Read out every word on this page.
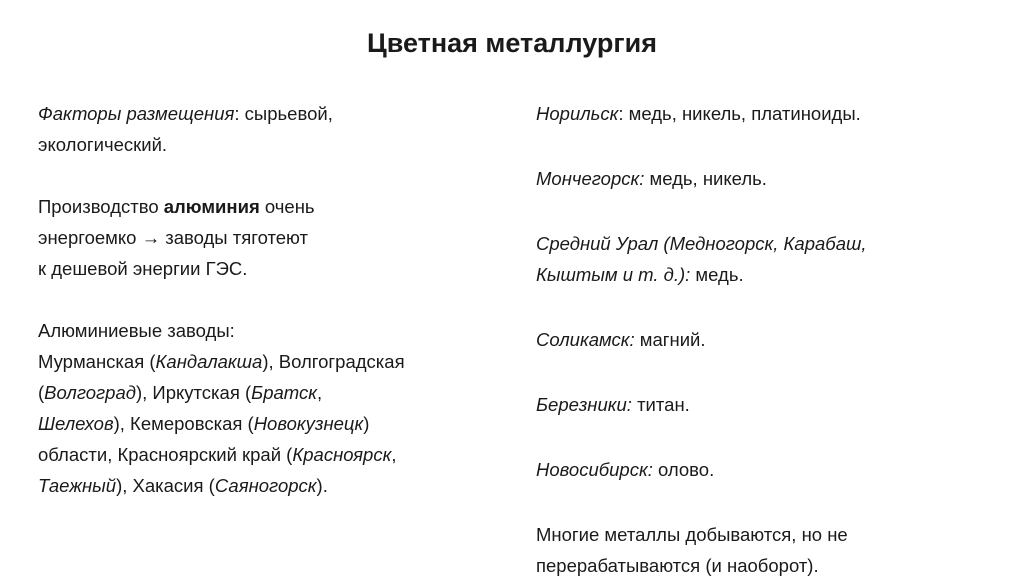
Цветная металлургия
Факторы размещения: сырьевой,
экологический.
Производство алюминия очень
энергоемко → заводы тяготеют
к дешевой энергии ГЭС.
Алюминиевые заводы:
Мурманская (Кандалакша), Волгоградская
(Волгоград), Иркутская (Братск,
Шелехов), Кемеровская (Новокузнецк)
области, Красноярский край (Красноярск,
Таежный), Хакасия (Саяногорск).
Норильск: медь, никель, платиноиды.
Мончегорск: медь, никель.
Средний Урал (Медногорск, Карабаш,
Кыштым и т. д.): медь.
Соликамск: магний.
Березники: титан.
Новосибирск: олово.
Многие металлы добываются, но не
перерабатываются (и наоборот).
